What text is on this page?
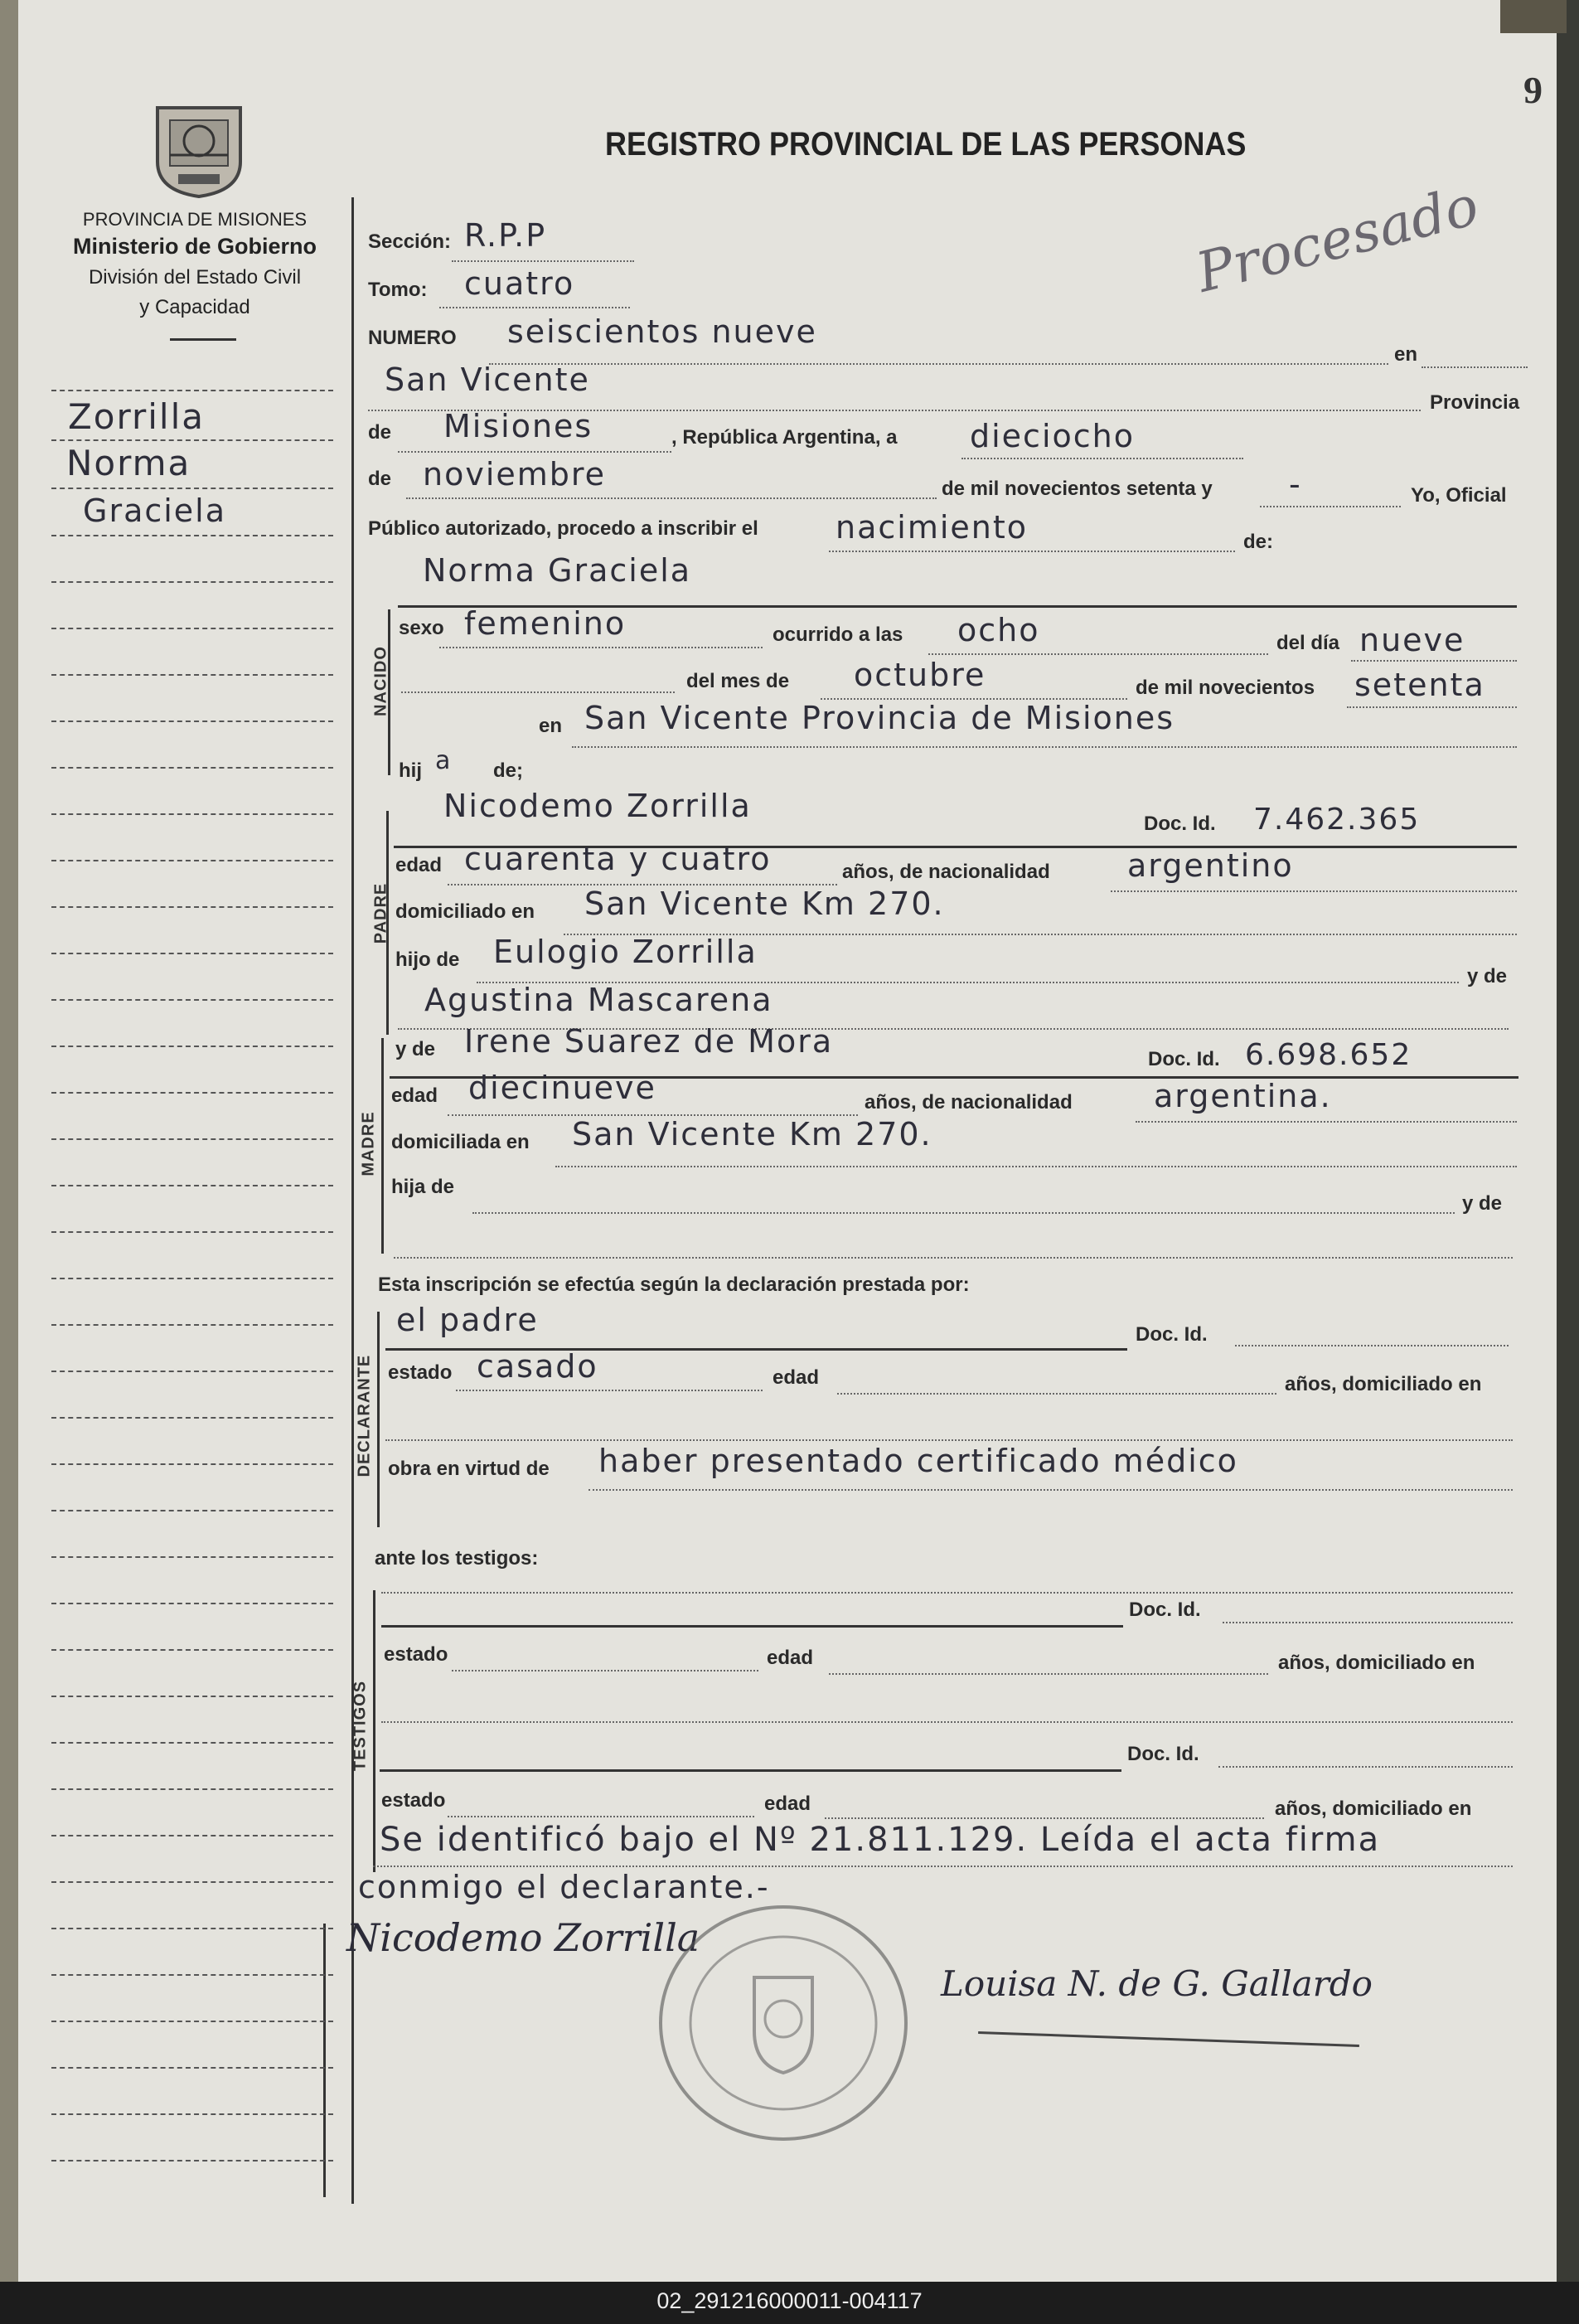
9
REGISTRO PROVINCIAL DE LAS PERSONAS
Procesado
PROVINCIA DE MISIONES
Ministerio de Gobierno
División del Estado Civil
y Capacidad
Zorrilla
Norma
Graciela
Sección: R.P.P
Tomo: cuatro
NUMERO seiscientos nueve
en
San Vicente
Provincia
de Misiones	, República Argentina, a dieciocho
de noviembre	de mil novecientos setenta y -	Yo, Oficial
Público autorizado, procedo a inscribir el nacimiento	de:
Norma Graciela
NACIDO
sexo femenino	ocurrido a las ocho	del día nueve
del mes de octubre	de mil novecientos setenta
en San Vicente Provincia de Misiones
hij a de;
Nicodemo Zorrilla	Doc. Id. 7.462.365
PADRE
edad cuarenta y cuatro	años, de nacionalidad argentino
domiciliado en San Vicente Km 270.
hijo de Eulogio Zorrilla
y de
Agustina Mascarena
y de Irene Suarez de Mora	Doc. Id. 6.698.652
MADRE
edad diecinueve	años, de nacionalidad	argentina.
domiciliada en San Vicente Km 270.
hija de
y de
Esta inscripción se efectúa según la declaración prestada por:
el padre	Doc. Id.
DECLARANTE estado casado	edad	años, domiciliado en
obra en virtud de haber presentado certificado médico
ante los testigos:
Doc. Id.
TESTIGOS
estado	edad	años, domiciliado en
Doc. Id.
estado	edad	años, domiciliado en
Se identificó bajo el Nº 21.811.129. Leída el acta firma
conmigo el declarante.-
Nicodemo Zorrilla
Louisa N. de G. Gallardo
02_291216000011-004117
